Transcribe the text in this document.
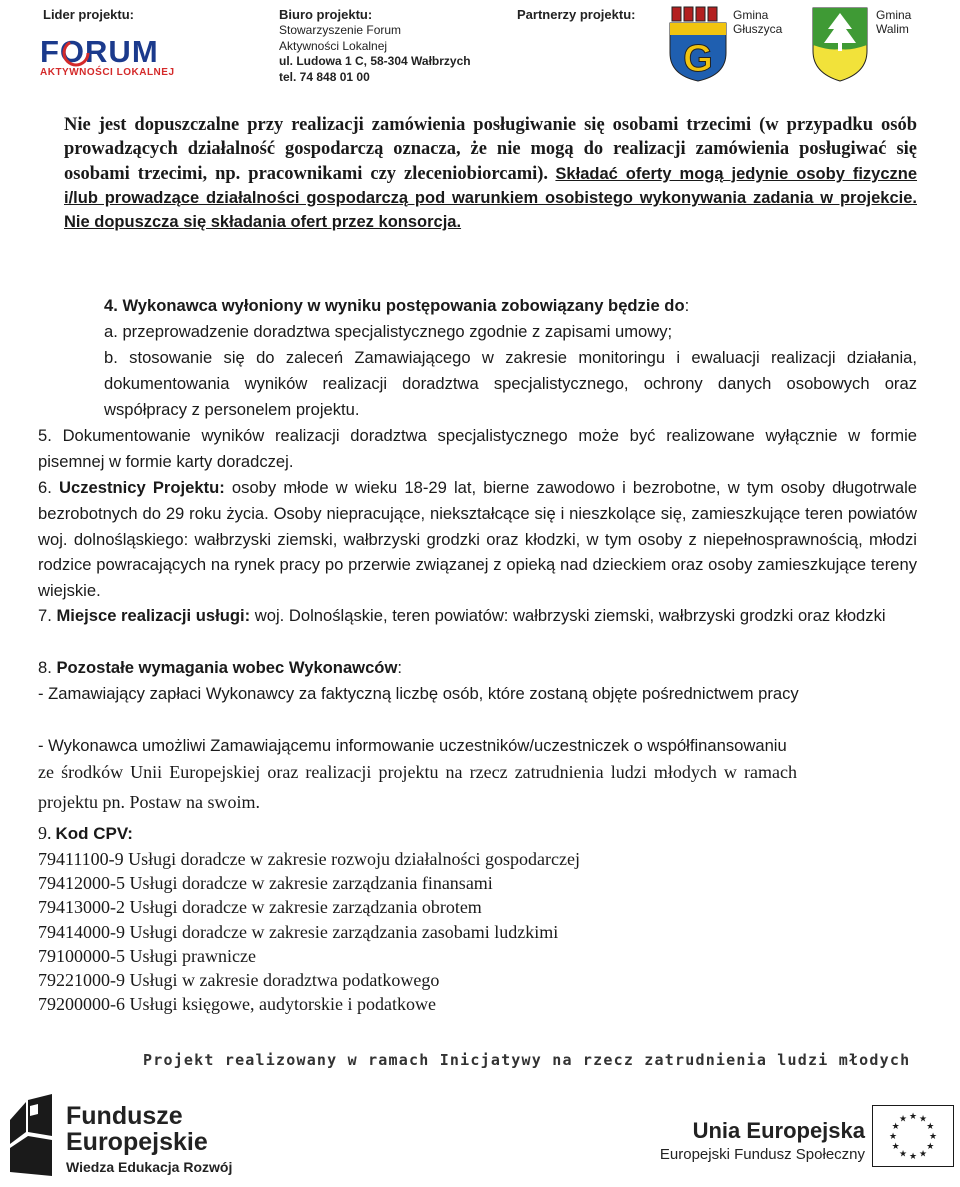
Lider projektu:	Biuro projektu:	Partnerzy projektu:
FORUM
AKTYWNOŚCI LOKALNEJ
Stowarzyszenie Forum
Aktywności Lokalnej
ul. Ludowa 1 C, 58-304 Wałbrzych
tel. 74 848 01 00	G
Gmina
Głuszyca
Gmina
Walim
Nie jest dopuszczalne przy realizacji zamówienia posługiwanie się osobami trzecimi (w przypadku osób prowadzących działalność gospodarczą oznacza, że nie mogą do realizacji zamówienia posługiwać się osobami trzecimi, np. pracownikami czy zleceniobiorcami). Składać oferty mogą jedynie osoby fizyczne i/lub prowadzące działalności gospodarczą pod warunkiem osobistego wykonywania zadania w projekcie. Nie dopuszcza się składania ofert przez konsorcja.
4. Wykonawca wyłoniony w wyniku postępowania zobowiązany będzie do:
a. przeprowadzenie doradztwa specjalistycznego zgodnie z zapisami umowy;
b. stosowanie się do zaleceń Zamawiającego w zakresie monitoringu i ewaluacji realizacji działania, dokumentowania wyników realizacji doradztwa specjalistycznego, ochrony danych osobowych oraz współpracy z personelem projektu.
5. Dokumentowanie wyników realizacji doradztwa specjalistycznego może być realizowane wyłącznie w formie pisemnej w formie karty doradczej.
6. Uczestnicy Projektu: osoby młode w wieku 18-29 lat, bierne zawodowo i bezrobotne, w tym osoby długotrwale bezrobotnych do 29 roku życia. Osoby niepracujące, niekształcące się i nieszkolące się, zamieszkujące teren powiatów woj. dolnośląskiego: wałbrzyski ziemski, wałbrzyski grodzki oraz kłodzki, w tym osoby z niepełnosprawnością, młodzi rodzice powracających na rynek pracy po przerwie związanej z opieką nad dzieckiem oraz osoby zamieszkujące tereny wiejskie.
7. Miejsce realizacji usługi: woj. Dolnośląskie, teren powiatów: wałbrzyski ziemski, wałbrzyski grodzki oraz kłodzki
8. Pozostałe wymagania wobec Wykonawców:
- Zamawiający zapłaci Wykonawcy za faktyczną liczbę osób, które zostaną objęte pośrednictwem pracy
- Wykonawca umożliwi Zamawiającemu informowanie uczestników/uczestniczek o współfinansowaniu
ze środków Unii Europejskiej oraz realizacji projektu na rzecz zatrudnienia ludzi młodych w ramach
projektu pn. Postaw na swoim.
9. Kod CPV:
79411100-9 Usługi doradcze w zakresie rozwoju działalności gospodarczej
79412000-5 Usługi doradcze w zakresie zarządzania finansami
79413000-2 Usługi doradcze w zakresie zarządzania obrotem
79414000-9 Usługi doradcze w zakresie zarządzania zasobami ludzkimi
79100000-5 Usługi prawnicze
79221000-9 Usługi w zakresie doradztwa podatkowego
79200000-6 Usługi księgowe, audytorskie i podatkowe
Projekt realizowany w ramach Inicjatywy na rzecz zatrudnienia ludzi młodych
Fundusze
Europejskie
Wiedza Edukacja Rozwój
Unia Europejska
Europejski Fundusz Społeczny
★ ★
★
★
★
★
★
★
★
★
★
★
